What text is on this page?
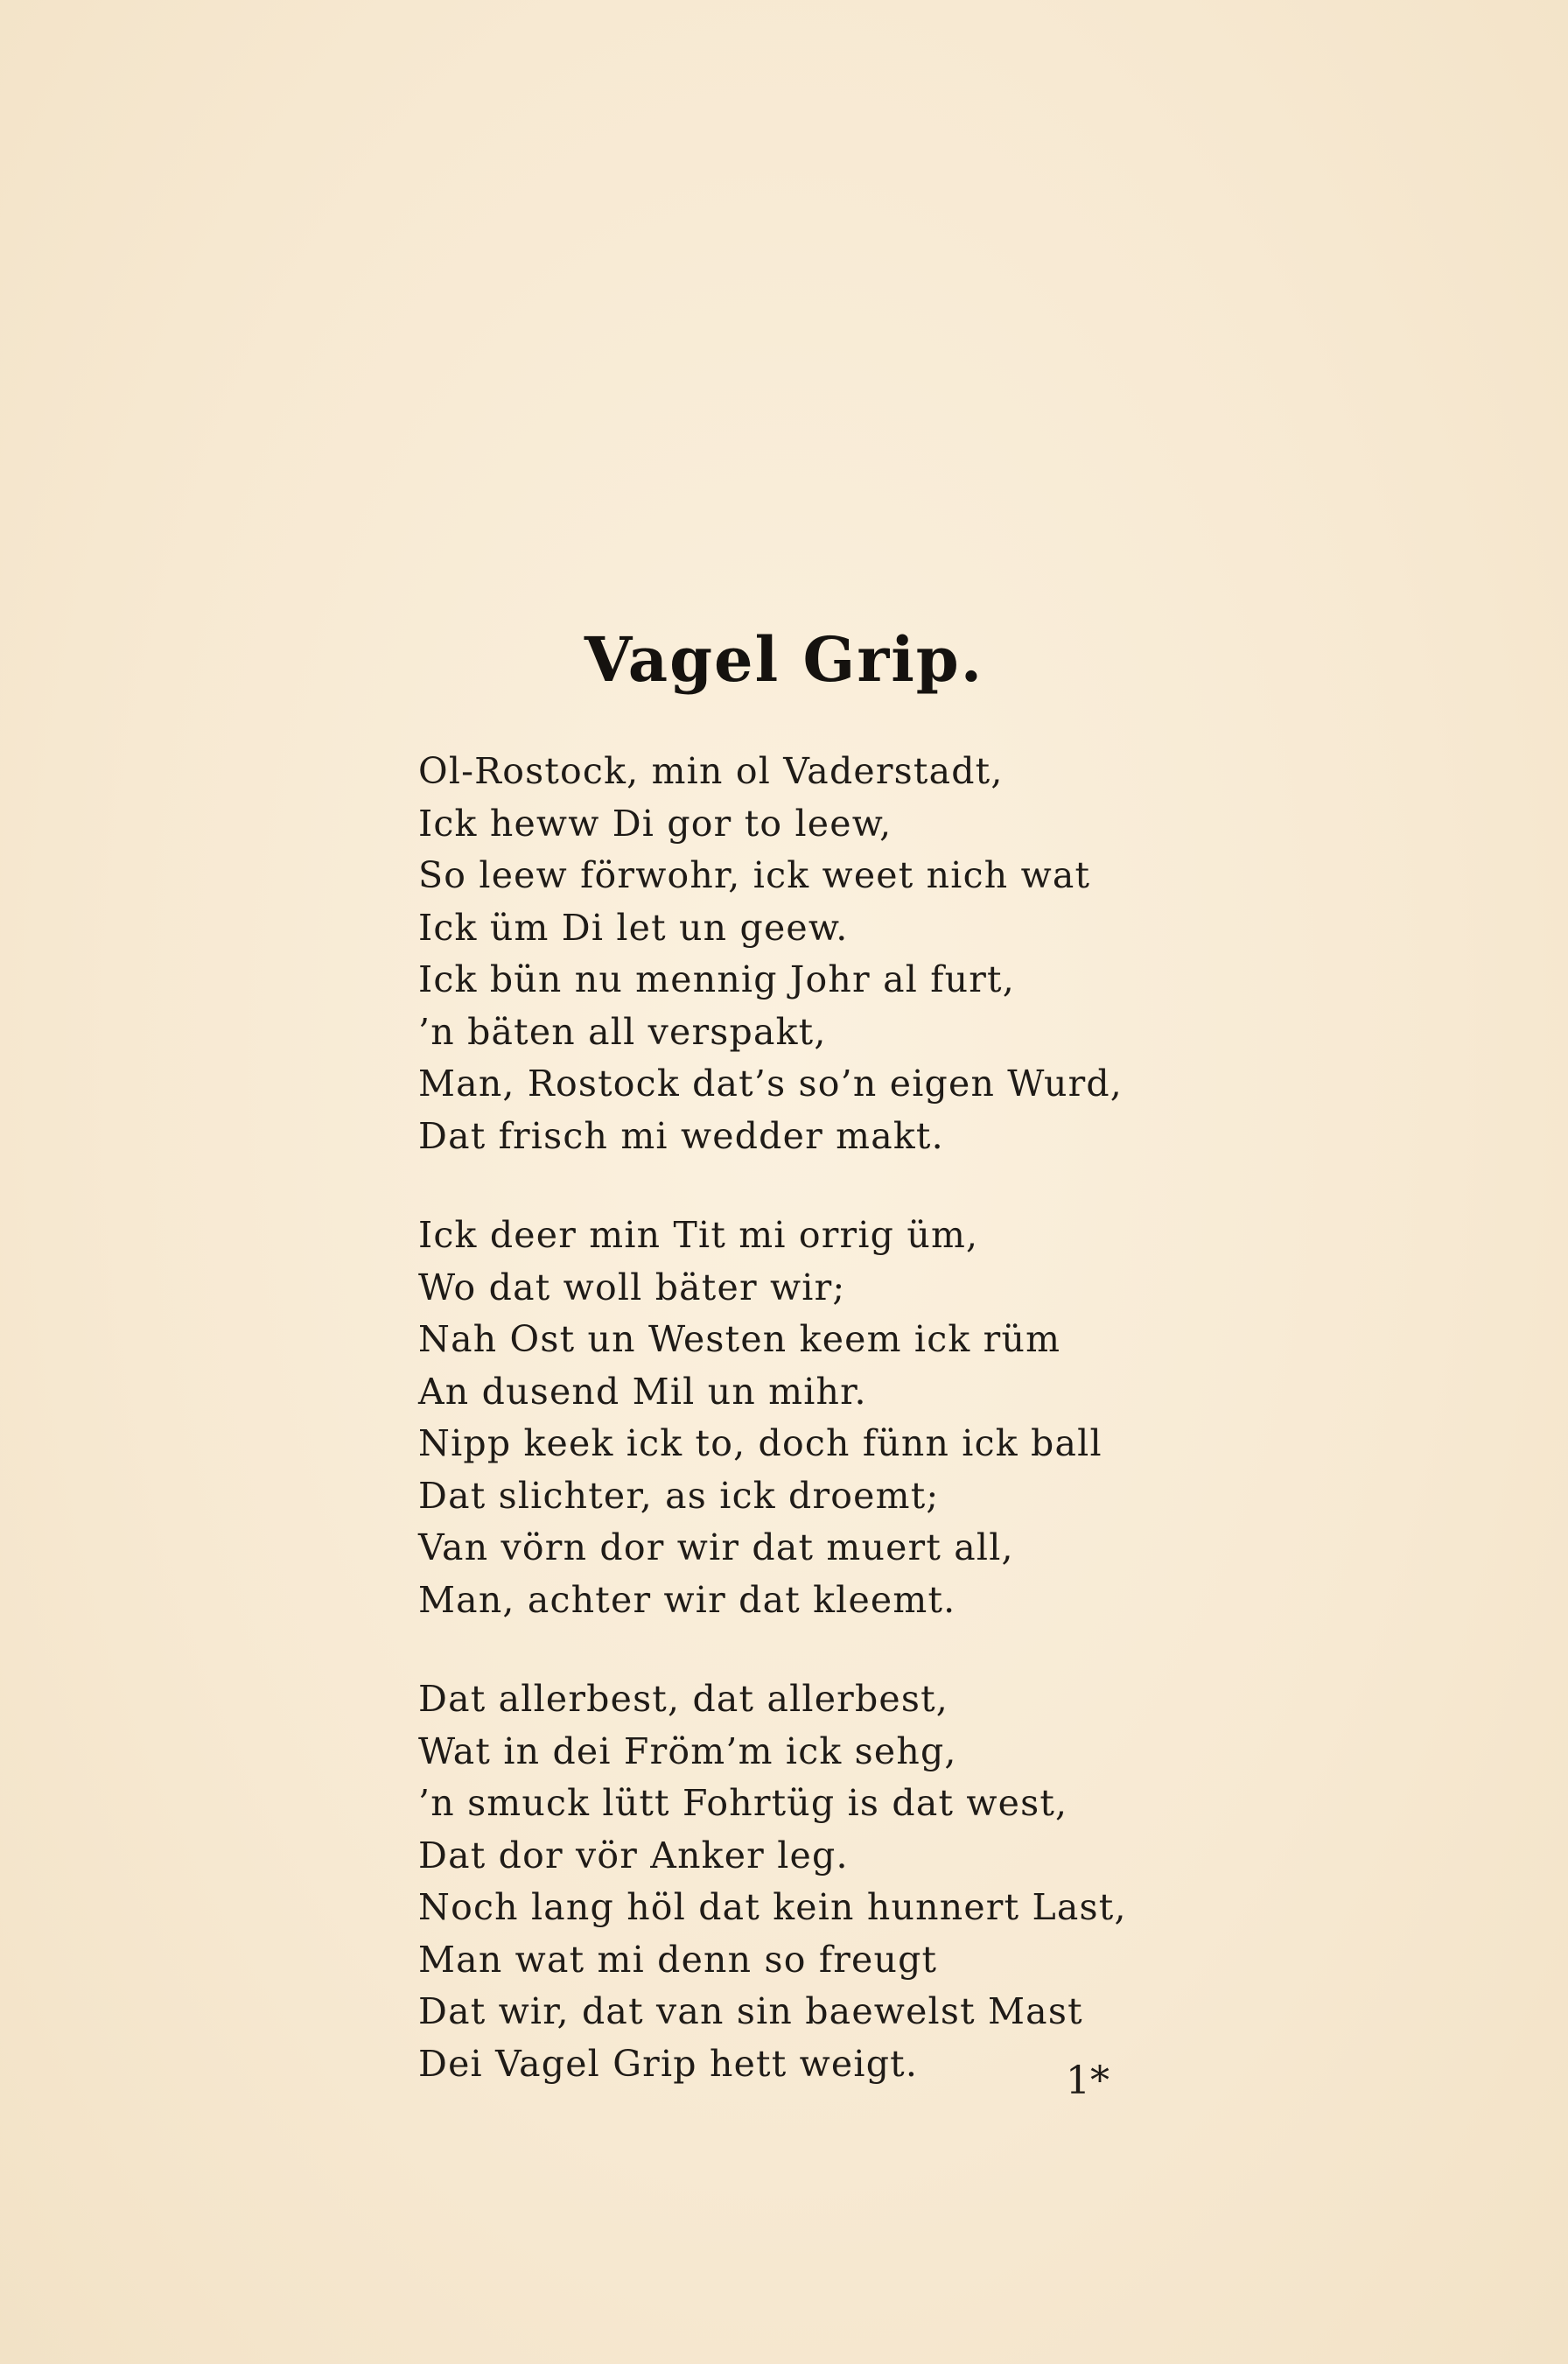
Vagel Grip.
Ol-Rostock, min ol Vaderstadt,
Ick heww Di gor to leew,
So leew förwohr, ick weet nich wat
Ick üm Di let un geew.
Ick bün nu mennig Johr al furt,
’n bäten all verspakt,
Man, Rostock dat’s so’n eigen Wurd,
Dat frisch mi wedder makt.
Ick deer min Tit mi orrig üm,
Wo dat woll bäter wir;
Nah Ost un Westen keem ick rüm
An dusend Mil un mihr.
Nipp keek ick to, doch fünn ick ball
Dat slichter, as ick droemt;
Van vörn dor wir dat muert all,
Man, achter wir dat kleemt.
Dat allerbest, dat allerbest,
Wat in dei Fröm’m ick sehg,
’n smuck lütt Fohrtüg is dat west,
Dat dor vör Anker leg.
Noch lang höl dat kein hunnert Last,
Man wat mi denn so freugt
Dat wir, dat van sin baewelst Mast
Dei Vagel Grip hett weigt.	1*
